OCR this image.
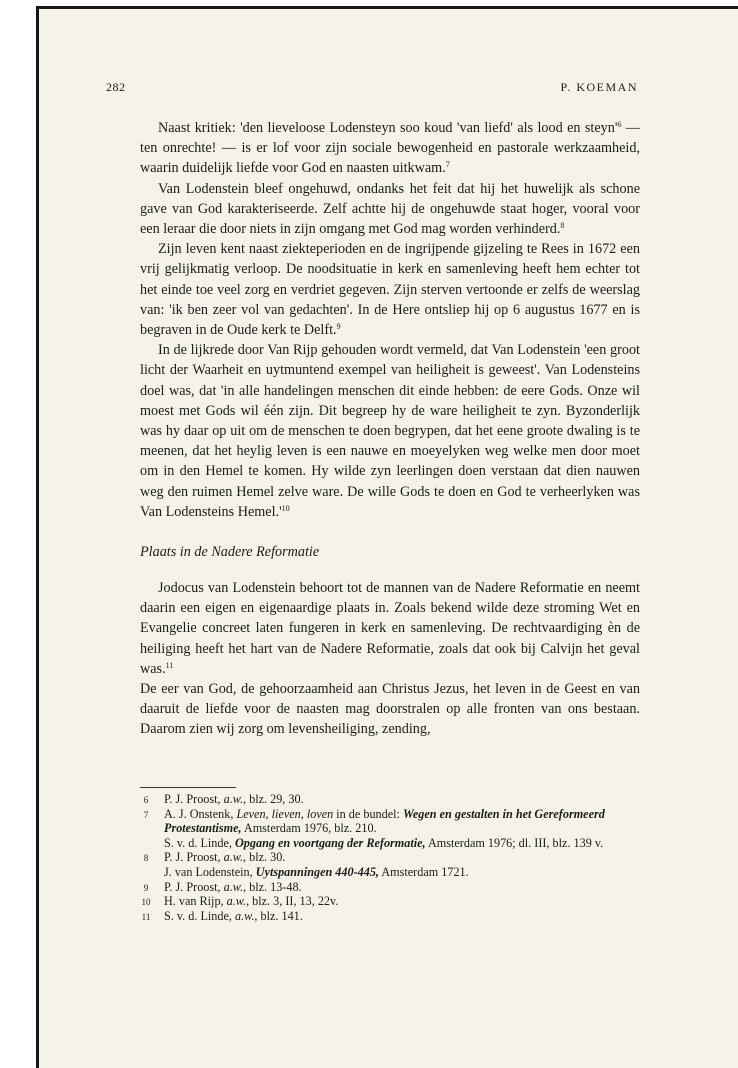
282	P. KOEMAN

Naast kritiek: 'den lieveloose Lodensteyn soo koud 'van liefd' als lood en $steyn'^6$ — ten onrechte! — is er lof voor zijn sociale bewogenheid en pastorale werkzaamheid, waarin duidelijk liefde voor God en naasten uitkwam.$^7$

Van Lodenstein bleef ongehuwd, ondanks het feit dat hij het huwelijk als schone gave van God karakteriseerde. Zelf achtte hij de ongehuwde staat hoger, vooral voor een leraar die door niets in zijn omgang met God mag worden verhinderd.$^8$

Zijn leven kent naast ziekteperioden en de ingrijpende gijzeling te Rees in 1672 een vrij gelijkmatig verloop. De noodsituatie in kerk en samenleving heeft hem echter tot het einde toe veel zorg en verdriet gegeven. Zijn sterven vertoonde er zelfs de weerslag van: 'ik ben zeer vol van gedachten'. In de Here ontsliep hij op 6 augustus 1677 en is begraven in de Oude kerk te Delft.$^9$

In de lijkrede door Van Rijp gehouden wordt vermeld, dat Van Lodenstein 'een groot licht der Waarheit en uytmuntend exempel van heiligheit is geweest'. Van Lodensteins doel was, dat 'in alle handelingen menschen dit einde hebben: de eere Gods. Onze wil moest met Gods wil één zijn. Dit begreep hy de ware heiligheit te zyn. Byzonderlijk was hy daar op uit om de menschen te doen begrypen, dat het eene groote dwaling is te meenen, dat het heylig leven is een nauwe en moeyelyken weg welke men door moet om in den Hemel te komen. Hy wilde zyn leerlingen doen verstaan dat dien nauwen weg den ruimen Hemel zelve ware. De wille Gods te doen en God te verheerlyken was Van Lodensteins $Hemel.'^{10}$

Plaats in de Nadere Reformatie

Jodocus van Lodenstein behoort tot de mannen van de Nadere Reformatie en neemt daarin een eigen en eigenaardige plaats in. Zoals bekend wilde deze stroming Wet en Evangelie concreet laten fungeren in kerk en samenleving. De rechtvaardiging èn de heiliging heeft het hart van de Nadere Reformatie, zoals dat ook bij Calvijn het geval was.$^{11}$

De eer van God, de gehoorzaamheid aan Christus Jezus, het leven in de Geest en van daaruit de liefde voor de naasten mag doorstralen op alle fronten van ons bestaan. Daarom zien wij zorg om levensheiliging, zending,

6	P. J. Proost, a.w., blz. 29, 30.
7	A. J. Onstenk, Leven, lieven, loven in de bundel: Wegen en gestalten in het Gereformeerd Protestantisme, Amsterdam 1976, blz. 210.
S. v. d. Linde, Opgang en voortgang der Reformatie, Amsterdam 1976; dl. III, blz. 139 v.
8	P. J. Proost, a.w., blz. 30.
J. van Lodenstein, Uytspanningen 440-445, Amsterdam 1721.
9	P. J. Proost, a.w., blz. 13-48.
10 H. van Rijp, a.w., blz. 3, II, 13, 22v.
11 S. v. d. Linde, a.w., blz. 141.
